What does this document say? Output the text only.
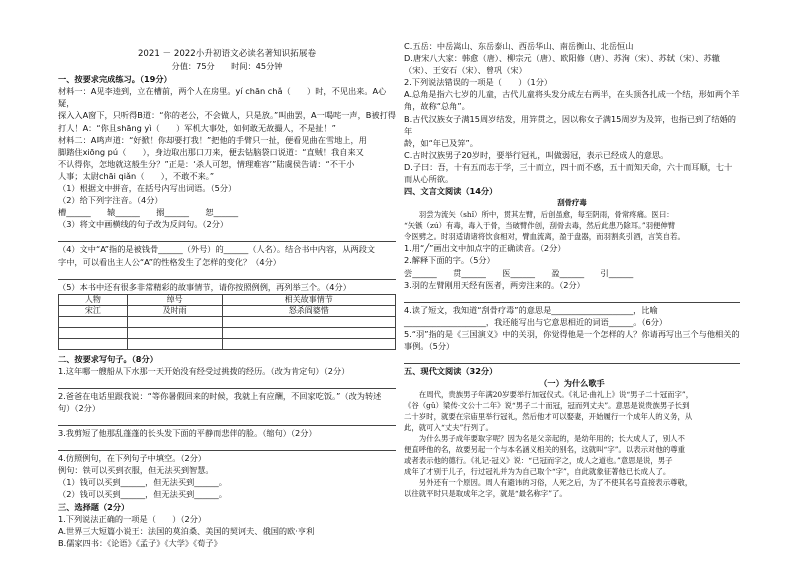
2021 － 2022小升初语文必读名著知识拓展卷

分值：75分　　时间：45分钟

一、按要求完成练习。（19分）

材料一：A见李逵到，立在槽前，两个人在房里。yí chān chǎ（　　）时，不见出来。A心疑，

探入入A窗下，只听得B道：“你的老公，不会做人，只是放。”叫曲罢，A一喝咤一声，B被打得

打人！A：“你且shāng yì（　　）军机大事处，如何敢无故撮人，不是扯！”

材料二：A鸣声道：“好掀！你却要打我！”把他的手臂只一扯，便看见曲在雪地上，用

脚踏住xiōng pú（　　），身边取出那口刀来，便去钻脑袋口说道：“直贼！我自来又

不认得你，怎地就这般生分？”正是：‘杀人可恕，情理难容’”陆虞侯告请：“不干小

人事；太尉chāi qiǎn（　　），不敢不来。”

（1）根据文中拼音，在括号内写出词语。（5分）

（2）给下列字注音。（4分）

槽______　　辕______　　搦______　　恕______

（3）将文中画横线的句子改为反问句。（2分）

（4）文中“A”指的是被钱骨______（外号）的______（人名）。结合书中内容，从两段文

字中，可以看出主人公“A”的性格发生了怎样的变化？（4分）

（5）本书中还有很多非常精彩的故事情节，请你按照例例，再列举三个。（4分）

人物	绰号	相关故事情节
宋江	及时雨	怒杀阎婆惜

二、按要求写句子。（8分）

1.这年哪一艘船从下水那一天开始没有经受过挑拨的经历。（改为肯定句）（2分）

2.爸爸在电话里跟我说：“等你暑假回来的时候，我就上有应酬，不回家吃饭。”（改为转述

句）（2分）

3.我剪短了他那乱蓬蓬的长头发下面的平静而悲伴的脸。（缩句）（2分）

4.仿照例句，在下列句子中填空。（2分）

例句：铁可以买到衣服，但无法买到智慧。

（1）钱可以买到______，但无法买到______。

（2）钱可以买到______，但无法买到______。

三、选择题（2分）

1.下列说法正确的一项是（　　）（2分）

A.世界三大短篇小说王：法国的莫泊桑、美国的契诃夫、俄国的欧·亨利

B.儒家四书：《论语》《孟子》《大学》《荀子》

C.五岳：中岳嵩山、东岳泰山、西岳华山、南岳衡山、北岳恒山

D.唐宋八大家：韩愈（唐）、柳宗元（唐）、欧阳修（唐）、苏洵（宋）、苏轼（宋）、苏辙

（宋）、王安石（宋）、曾巩（宋）

2.下列说法错误的一项是（　　）（1分）

A.总角是指六七岁的儿童，古代儿童将头发分成左右两半，在头顶各扎成一个结，形如两个羊

角，故称“总角”。

B.古代汉族女子满15周岁结发，用笄贯之，因以称女子满15周岁为及笄，也指已到了结婚的年

龄，如“年已及笄”。

C.古时汉族男子20岁时，要举行冠礼，叫做弱冠，表示已经成人的意思。

D.子曰：吾，十有五而志于学，三十而立，四十而不惑，五十而知天命，六十而耳顺，七十

而从心所欲。

四、文言文阅读（14分）

刮骨疗毒

羽尝为流矢（shǐ）所中，贯其左臂，后创虽愈，每至阴雨，骨常疼痛。医曰：

“矢镞（zú）有毒，毒入于骨，当破臂作创，刮骨去毒，然后此患乃除耳。”羽便伸臂

令医劈之。时羽适请诸将饮食相对，臂血流离，盈于盘器，而羽割炙引酒，言笑自若。

1.用“╱”画出文中加点字的正确读音。（2分）

2.解释下面的字。（5分）

尝______　　贯______　　医______　　盈______　　引______

3.羽的左臂刚用天经有医者，两旁注来的。（2分）

4.读了短文，我知道“刮骨疗毒”的意思是____________________，比喻

____________________，我还能写出与它意思相近的词语______。（6分）

5.“羽”指的是《三国演义》中的关羽，你觉得他是一个怎样的人？你请再写出三个与他相关的

事例。（5分）

五、现代文阅读（32分）

（一）为什么歌手

在周代，贵族男子年满20岁要举行加冠仪式。《礼记·曲礼上》说“男子二十冠而字”，

《谷（gǔ）梁传·文公十二年》说“男子二十而冠，冠而列丈夫”。意思是说贵族男子长到

二十岁时，就要在宗庙里举行冠礼，然后他才可以娶妻，开始履行一个成年人的义务，从

此，就可入“丈夫”行列了。

为什么男子成年要取字呢？因为名是父亲起的，是幼年用的；长大成人了，别人不

便直呼他的名，故要另起一个与本名涵义相关的别名，这就叫“字”。以表示对他的尊重

或者表示他的德行。《礼记·冠义》说：“已冠而字之，成人之道也。”意思是说，男子

成年了才别于儿子，行过冠礼并为为自己取个“字”，自此就象征著他已长成人了。

另外还有一个原因。周人有避讳的习俗，人死之后，为了不使其名号直接表示尊敬，

以往就平时只是取成年之字，就是“最名称字”了。
